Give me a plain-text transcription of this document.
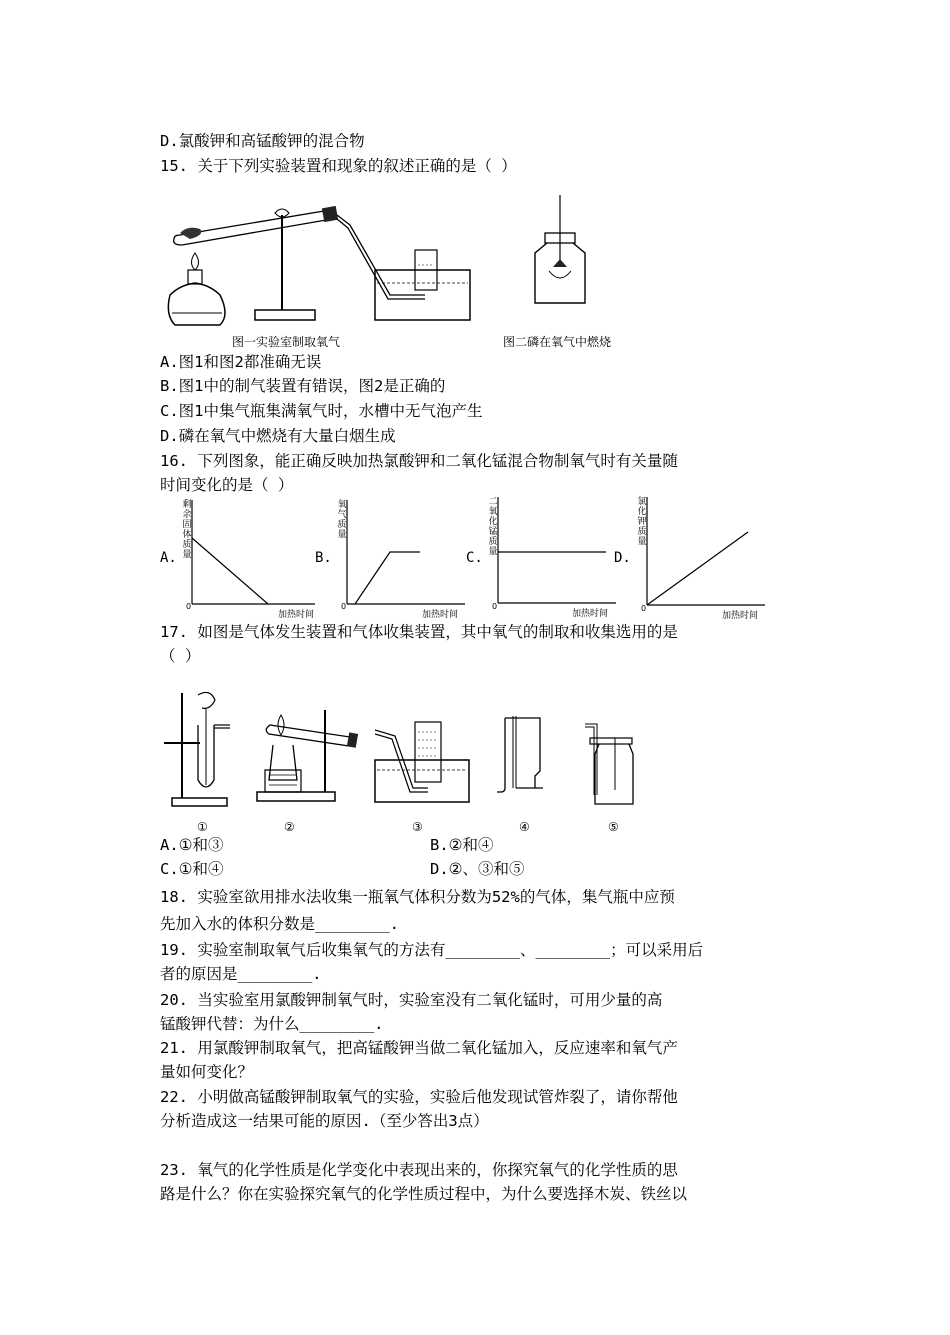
D.氯酸钾和高锰酸钾的混合物
15. 关于下列实验装置和现象的叙述正确的是（ ）
图一实验室制取氧气	图二磷在氧气中燃烧
A.图1和图2都准确无误
B.图1中的制气装置有错误，图2是正确的
C.图1中集气瓶集满氧气时，水槽中无气泡产生
D.磷在氧气中燃烧有大量白烟生成
16. 下列图象，能正确反映加热氯酸钾和二氧化锰混合物制氧气时有关量随
时间变化的是（ ）
A.
剩余固体质量
0
加热时间
B.
氧气质量
0
加热时间
C.
二氧化锰质量
0
加热时间
D.
氯化钾质量
0
加热时间
17. 如图是气体发生装置和气体收集装置，其中氧气的制取和收集选用的是
（ ）
①	②	③	④	⑤
A.①和③	B.②和④
C.①和④	D.②、③和⑤
18. 实验室欲用排水法收集一瓶氧气体积分数为52%的气体，集气瓶中应预
先加入水的体积分数是________.
19. 实验室制取氧气后收集氧气的方法有________、________；可以采用后
者的原因是________.
20. 当实验室用氯酸钾制氧气时，实验室没有二氧化锰时，可用少量的高
锰酸钾代替：为什么________.
21. 用氯酸钾制取氧气，把高锰酸钾当做二氧化锰加入，反应速率和氧气产
量如何变化？
22. 小明做高锰酸钾制取氧气的实验，实验后他发现试管炸裂了，请你帮他
分析造成这一结果可能的原因.（至少答出3点）
23. 氧气的化学性质是化学变化中表现出来的，你探究氧气的化学性质的思
路是什么？你在实验探究氧气的化学性质过程中，为什么要选择木炭、铁丝以
